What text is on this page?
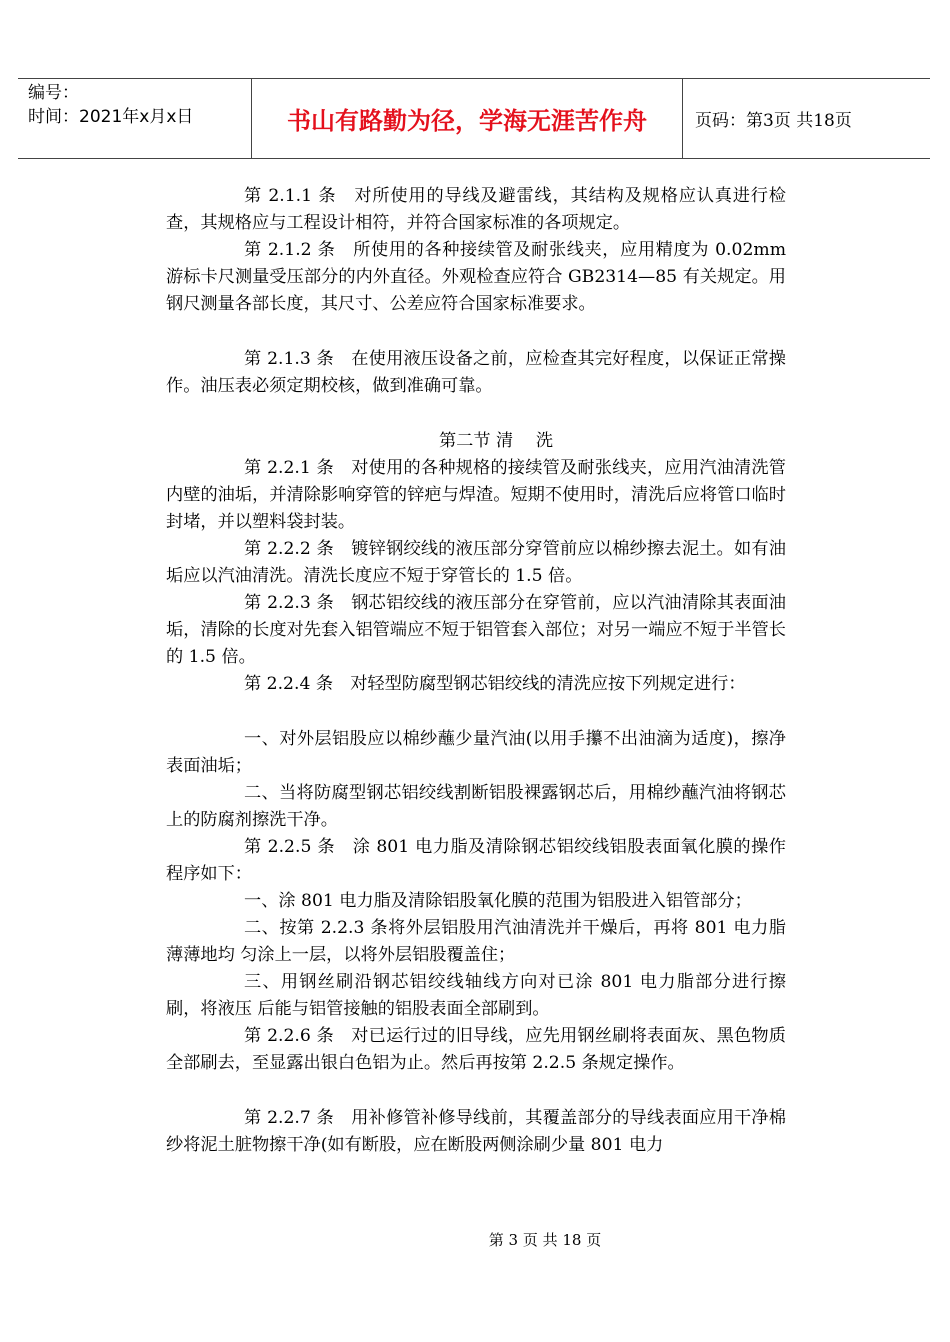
编号：
时间：2021年x月x日	书山有路勤为径，学海无涯苦作舟	页码：第3页 共18页

第 2.1.1 条　对所使用的导线及避雷线，其结构及规格应认真进行检查，其规格应与工程设计相符，并符合国家标准的各项规定。

第 2.1.2 条　所使用的各种接续管及耐张线夹，应用精度为 0.02mm 游标卡尺测量受压部分的内外直径。外观检查应符合 GB2314—85 有关规定。用钢尺测量各部长度，其尺寸、公差应符合国家标准要求。

第 2.1.3 条　在使用液压设备之前，应检查其完好程度，以保证正常操作。油压表必须定期校核，做到准确可靠。

第二节 清　 洗

第 2.2.1 条　对使用的各种规格的接续管及耐张线夹，应用汽油清洗管内壁的油垢，并清除影响穿管的锌疤与焊渣。短期不使用时，清洗后应将管口临时封堵，并以塑料袋封装。

第 2.2.2 条　镀锌钢绞线的液压部分穿管前应以棉纱擦去泥土。如有油垢应以汽油清洗。清洗长度应不短于穿管长的 1.5 倍。

第 2.2.3 条　钢芯铝绞线的液压部分在穿管前，应以汽油清除其表面油垢，清除的长度对先套入铝管端应不短于铝管套入部位；对另一端应不短于半管长的 1.5 倍。

第 2.2.4 条　对轻型防腐型钢芯铝绞线的清洗应按下列规定进行：

一、对外层铝股应以棉纱蘸少量汽油(以用手攥不出油滴为适度)，擦净表面油垢；

二、当将防腐型钢芯铝绞线割断铝股裸露钢芯后，用棉纱蘸汽油将钢芯上的防腐剂擦洗干净。

第 2.2.5 条　涂 801 电力脂及清除钢芯铝绞线铝股表面氧化膜的操作程序如下：

一、涂 801 电力脂及清除铝股氧化膜的范围为铝股进入铝管部分；

二、按第 2.2.3 条将外层铝股用汽油清洗并干燥后，再将 801 电力脂薄薄地均 匀涂上一层，以将外层铝股覆盖住；

三、用钢丝刷沿钢芯铝绞线轴线方向对已涂 801 电力脂部分进行擦刷，将液压 后能与铝管接触的铝股表面全部刷到。

第 2.2.6 条　对已运行过的旧导线，应先用钢丝刷将表面灰、黑色物质全部刷去，至显露出银白色铝为止。然后再按第 2.2.5 条规定操作。

第 2.2.7 条　用补修管补修导线前，其覆盖部分的导线表面应用干净棉纱将泥土脏物擦干净(如有断股，应在断股两侧涂刷少量 801 电力

第 3 页 共 18 页
